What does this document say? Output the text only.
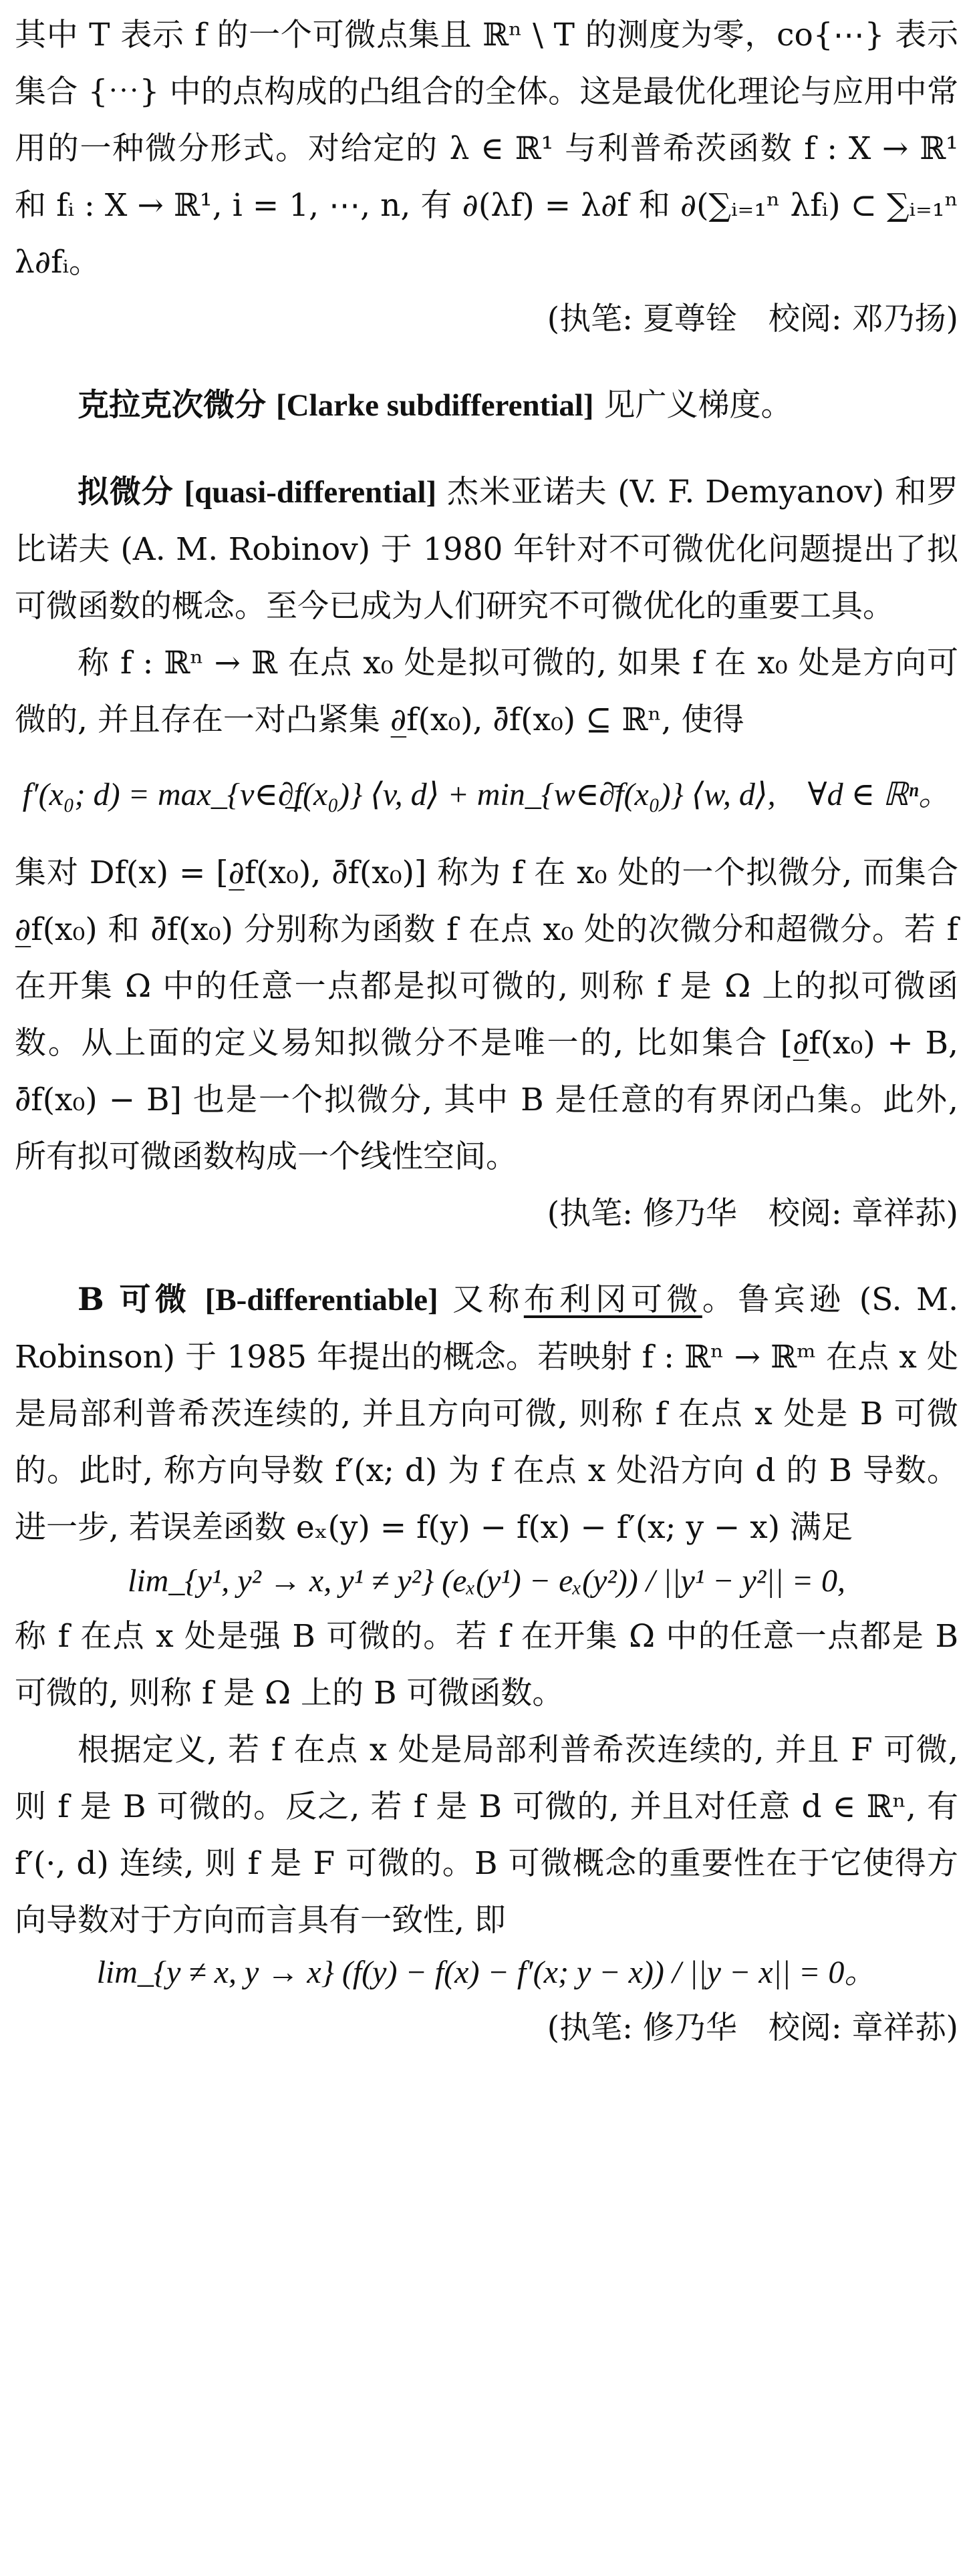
其中 T 表示 f 的一个可微点集且 ℝⁿ \ T 的测度为零，co{⋯} 表示集合 {⋯} 中的点构成的凸组合的全体。这是最优化理论与应用中常用的一种微分形式。对给定的 λ ∈ ℝ¹ 与利普希茨函数 f : X → ℝ¹ 和 fᵢ : X → ℝ¹, i = 1, ⋯, n, 有 ∂(λf) = λ∂f 和 ∂(∑ᵢ₌₁ⁿ λfᵢ) ⊂ ∑ᵢ₌₁ⁿ λ∂fᵢ。

(执笔: 夏尊铨　校阅: 邓乃扬)

克拉克次微分 [Clarke subdifferential] 见广义梯度。

拟微分 [quasi-differential] 杰米亚诺夫 (V. F. Demyanov) 和罗比诺夫 (A. M. Robinov) 于 1980 年针对不可微优化问题提出了拟可微函数的概念。至今已成为人们研究不可微优化的重要工具。

称 f : ℝⁿ → ℝ 在点 x₀ 处是拟可微的, 如果 f 在 x₀ 处是方向可微的, 并且存在一对凸紧集 ∂̲f(x₀), ∂̄f(x₀) ⊆ ℝⁿ, 使得

f′(x₀; d) = max_{v∈∂̲f(x₀)} ⟨v, d⟩ + min_{w∈∂̄f(x₀)} ⟨w, d⟩,　∀d ∈ ℝⁿ。

集对 Df(x) = [∂̲f(x₀), ∂̄f(x₀)] 称为 f 在 x₀ 处的一个拟微分, 而集合 ∂̲f(x₀) 和 ∂̄f(x₀) 分别称为函数 f 在点 x₀ 处的次微分和超微分。若 f 在开集 Ω 中的任意一点都是拟可微的, 则称 f 是 Ω 上的拟可微函数。从上面的定义易知拟微分不是唯一的, 比如集合 [∂̲f(x₀) + B, ∂̄f(x₀) − B] 也是一个拟微分, 其中 B 是任意的有界闭凸集。此外, 所有拟可微函数构成一个线性空间。

(执笔: 修乃华　校阅: 章祥荪)

B 可微 [B-differentiable] 又称布利冈可微。鲁宾逊 (S. M. Robinson) 于 1985 年提出的概念。若映射 f : ℝⁿ → ℝᵐ 在点 x 处是局部利普希茨连续的, 并且方向可微, 则称 f 在点 x 处是 B 可微的。此时, 称方向导数 f′(x; d) 为 f 在点 x 处沿方向 d 的 B 导数。进一步, 若误差函数 eₓ(y) = f(y) − f(x) − f′(x; y − x) 满足

lim_{y¹, y² → x, y¹ ≠ y²} (eₓ(y¹) − eₓ(y²)) / ||y¹ − y²|| = 0,

称 f 在点 x 处是强 B 可微的。若 f 在开集 Ω 中的任意一点都是 B 可微的, 则称 f 是 Ω 上的 B 可微函数。

根据定义, 若 f 在点 x 处是局部利普希茨连续的, 并且 F 可微, 则 f 是 B 可微的。反之, 若 f 是 B 可微的, 并且对任意 d ∈ ℝⁿ, 有 f′(·, d) 连续, 则 f 是 F 可微的。B 可微概念的重要性在于它使得方向导数对于方向而言具有一致性, 即

lim_{y ≠ x, y → x} (f(y) − f(x) − f′(x; y − x)) / ||y − x|| = 0。

(执笔: 修乃华　校阅: 章祥荪)
